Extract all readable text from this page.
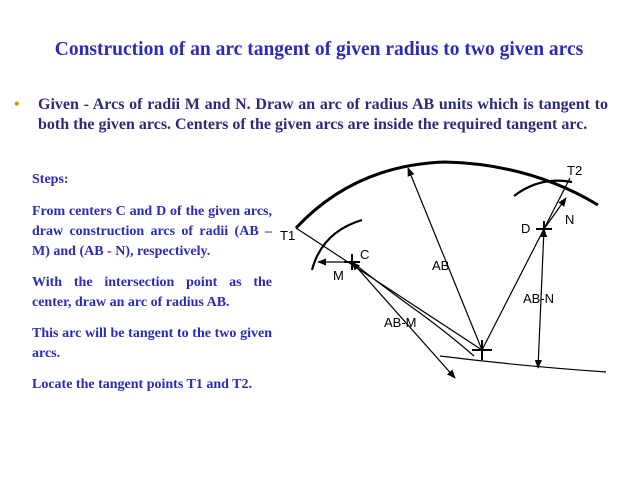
Construction of an arc tangent of given radius to two given arcs
• Given - Arcs of radii M and N. Draw an arc of radius AB units which is tangent to both the given arcs. Centers of the given arcs are inside the required tangent arc.

Steps:

From centers C and D of the given arcs, draw construction arcs of radii (AB – M) and (AB - N), respectively.

With the intersection point as the center, draw an arc of radius AB.

This arc will be tangent to the two given arcs.

Locate the tangent points T1 and T2.

T1
T2
C
D
M
N
AB
AB-M
AB-N
